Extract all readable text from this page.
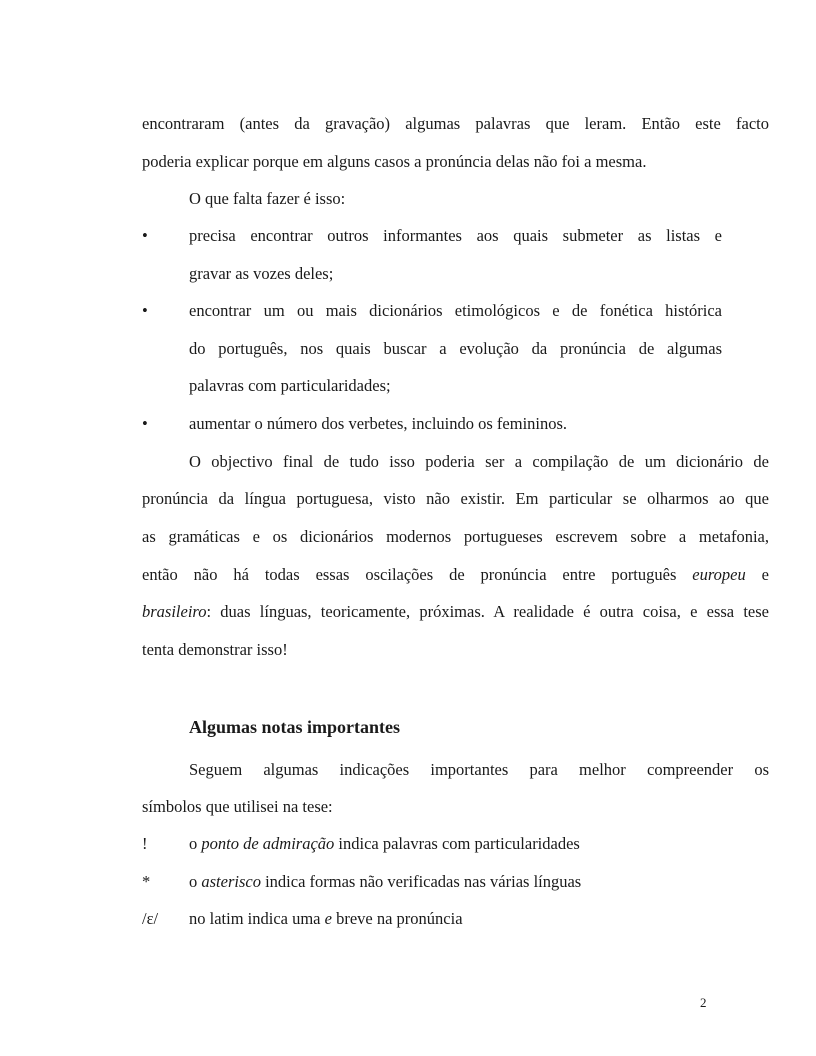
encontraram (antes da gravação) algumas palavras que leram. Então este facto
poderia explicar porque em alguns casos a pronúncia delas não foi a mesma.
O que falta fazer é isso:
• precisa encontrar outros informantes aos quais submeter as listas e
gravar as vozes deles;
• encontrar um ou mais dicionários etimológicos e de fonética histórica
do português, nos quais buscar a evolução da pronúncia de algumas
palavras com particularidades;
• aumentar o número dos verbetes, incluindo os femininos.
O objectivo final de tudo isso poderia ser a compilação de um dicionário de
pronúncia da língua portuguesa, visto não existir. Em particular se olharmos ao que
as gramáticas e os dicionários modernos portugueses escrevem sobre a metafonia,
então não há todas essas oscilações de pronúncia entre português europeu e
brasileiro: duas línguas, teoricamente, próximas. A realidade é outra coisa, e essa tese
tenta demonstrar isso!
Algumas notas importantes
Seguem algumas indicações importantes para melhor compreender os
símbolos que utilisei na tese:
!	o ponto de admiração indica palavras com particularidades
* o asterisco indica formas não verificadas nas várias línguas
/ɛ/ no latim indica uma e breve na pronúncia
2
